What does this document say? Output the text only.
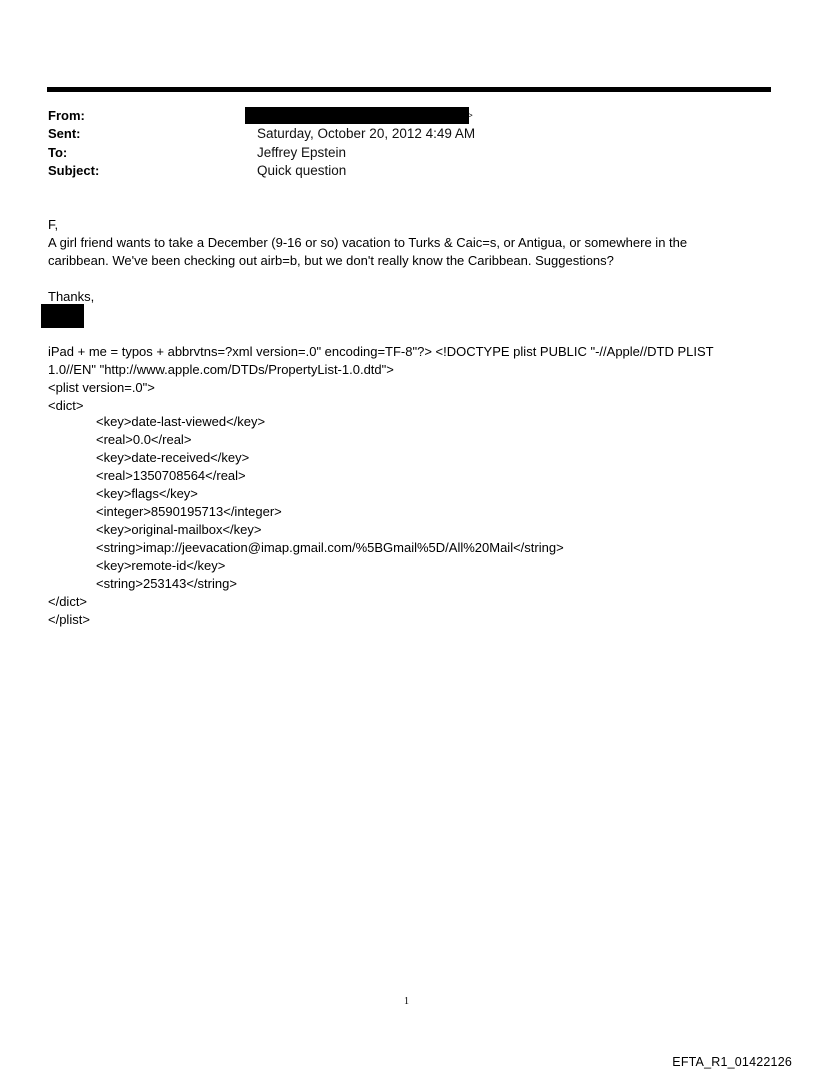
From:
Sent:
To:
Subject:
>
Saturday, October 20, 2012 4:49 AM
Jeffrey Epstein
Quick question
F,
A girl friend wants to take a December (9-16 or so) vacation to Turks & Caic=s, or Antigua, or somewhere in the
caribbean. We've been checking out airb=b, but we don't really know the Caribbean. Suggestions?
Thanks,
iPad + me = typos + abbrvtns=?xml version=.0" encoding=TF-8"?> <!DOCTYPE plist PUBLIC "-//Apple//DTD PLIST
1.0//EN" "http://www.apple.com/DTDs/PropertyList-1.0.dtd">
<plist version=.0">
<dict>
<key>date-last-viewed</key>
<real>0.0</real>
<key>date-received</key>
<real>1350708564</real>
<key>flags</key>
<integer>8590195713</integer>
<key>original-mailbox</key>
<string>imap://jeevacation@imap.gmail.com/%5BGmail%5D/All%20Mail</string>
<key>remote-id</key>
<string>253143</string>
</dict>
</plist>
1
EFTA_R1_01422126
